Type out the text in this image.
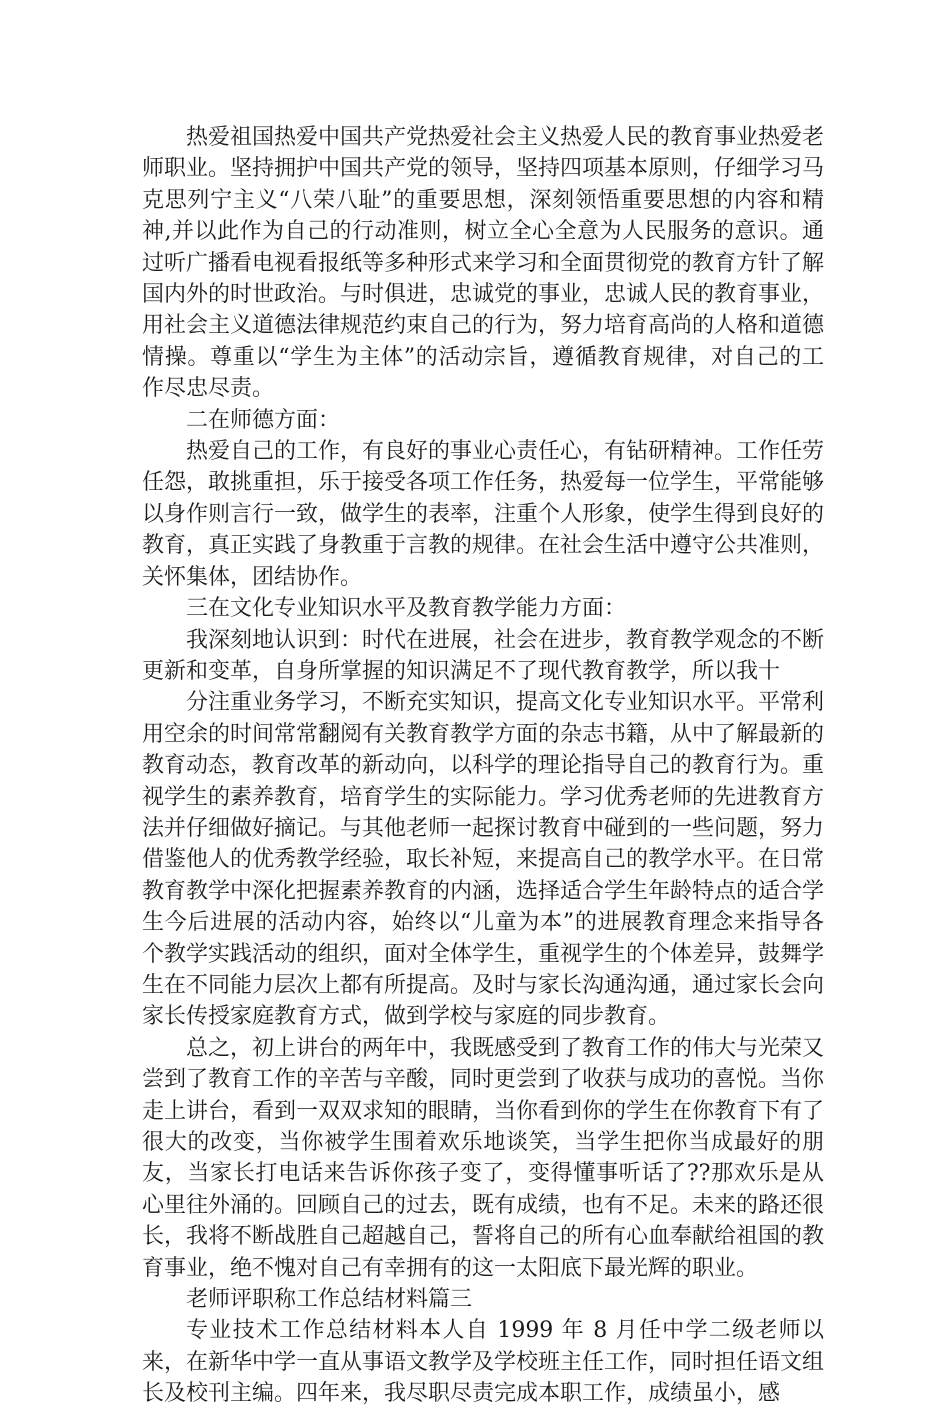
热爱祖国热爱中国共产党热爱社会主义热爱人民的教育事业热爱老师职业。坚持拥护中国共产党的领导，坚持四项基本原则，仔细学习马克思列宁主义“八荣八耻”的重要思想，深刻领悟重要思想的内容和精神,并以此作为自己的行动准则，树立全心全意为人民服务的意识。通过听广播看电视看报纸等多种形式来学习和全面贯彻党的教育方针了解国内外的时世政治。与时俱进，忠诚党的事业，忠诚人民的教育事业，用社会主义道德法律规范约束自己的行为，努力培育高尚的人格和道德情操。尊重以“学生为主体”的活动宗旨，遵循教育规律，对自己的工作尽忠尽责。

二在师德方面：

热爱自己的工作，有良好的事业心责任心，有钻研精神。工作任劳任怨，敢挑重担，乐于接受各项工作任务，热爱每一位学生，平常能够以身作则言行一致，做学生的表率，注重个人形象，使学生得到良好的教育，真正实践了身教重于言教的规律。在社会生活中遵守公共准则，关怀集体，团结协作。

三在文化专业知识水平及教育教学能力方面：

我深刻地认识到：时代在进展，社会在进步，教育教学观念的不断更新和变革，自身所掌握的知识满足不了现代教育教学，所以我十

分注重业务学习，不断充实知识，提高文化专业知识水平。平常利用空余的时间常常翻阅有关教育教学方面的杂志书籍，从中了解最新的教育动态，教育改革的新动向，以科学的理论指导自己的教育行为。重视学生的素养教育，培育学生的实际能力。学习优秀老师的先进教育方法并仔细做好摘记。与其他老师一起探讨教育中碰到的一些问题，努力借鉴他人的优秀教学经验，取长补短，来提高自己的教学水平。在日常教育教学中深化把握素养教育的内涵，选择适合学生年龄特点的适合学生今后进展的活动内容，始终以“儿童为本”的进展教育理念来指导各个教学实践活动的组织，面对全体学生，重视学生的个体差异，鼓舞学生在不同能力层次上都有所提高。及时与家长沟通沟通，通过家长会向家长传授家庭教育方式，做到学校与家庭的同步教育。

总之，初上讲台的两年中，我既感受到了教育工作的伟大与光荣又尝到了教育工作的辛苦与辛酸，同时更尝到了收获与成功的喜悦。当你走上讲台，看到一双双求知的眼睛，当你看到你的学生在你教育下有了很大的改变，当你被学生围着欢乐地谈笑，当学生把你当成最好的朋友，当家长打电话来告诉你孩子变了，变得懂事听话了??那欢乐是从心里往外涌的。回顾自己的过去，既有成绩，也有不足。未来的路还很长，我将不断战胜自己超越自己，誓将自己的所有心血奉献给祖国的教育事业，绝不愧对自己有幸拥有的这一太阳底下最光辉的职业。

老师评职称工作总结材料篇三

专业技术工作总结材料本人自 1999 年 8 月任中学二级老师以来，在新华中学一直从事语文教学及学校班主任工作，同时担任语文组长及校刊主编。四年来，我尽职尽责完成本职工作，成绩虽小，感
